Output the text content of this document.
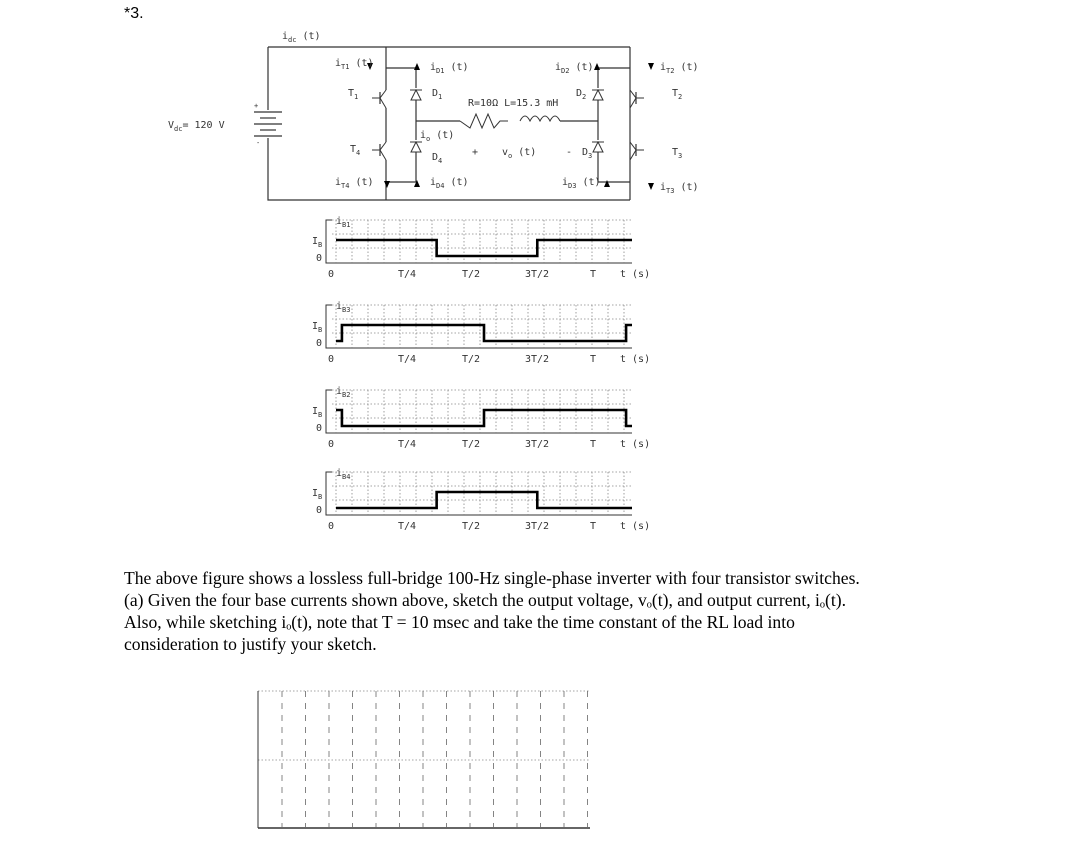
*3.
+
-
$V_{dc}= 120$ V
$i_{dc}$ (t)
$i_{T1}$ (t)	$i_{D1}$ (t)	$i_{D2}$ (t)	$i_{T2}$ (t)
$T_1$	$D_1$	$D_2$	$T_2$
R=10Ω L=15.3 mH
$i_o$ (t)
+ $v_o$ (t)	-
$T_4$	$D_4$
$D_3$	$T_3$
$i_{T4}$ (t)	$i_{D4}$ (t)	$i_{D3}$ (t)	$i_{T3}$ (t)
$i_{B1}$
$I_B$
0
0	T/4	T/2	3T/2	T t (s)
$i_{B3}$
$I_B$
0
0	T/4	T/2	3T/2	T t (s)
$i_{B2}$
$I_B$
0
0	T/4	T/2	3T/2	T t (s)
$i_{B4}$
$I_B$
0
0	T/4	T/2	3T/2	T t (s)

The above figure shows a lossless full-bridge 100-Hz single-phase inverter with four transistor switches.

(a) Given the four base currents shown above, sketch the output voltage, vₒ(t), and output current, iₒ(t).

Also, while sketching iₒ(t), note that T = 10 msec and take the time constant of the RL load into

consideration to justify your sketch.
